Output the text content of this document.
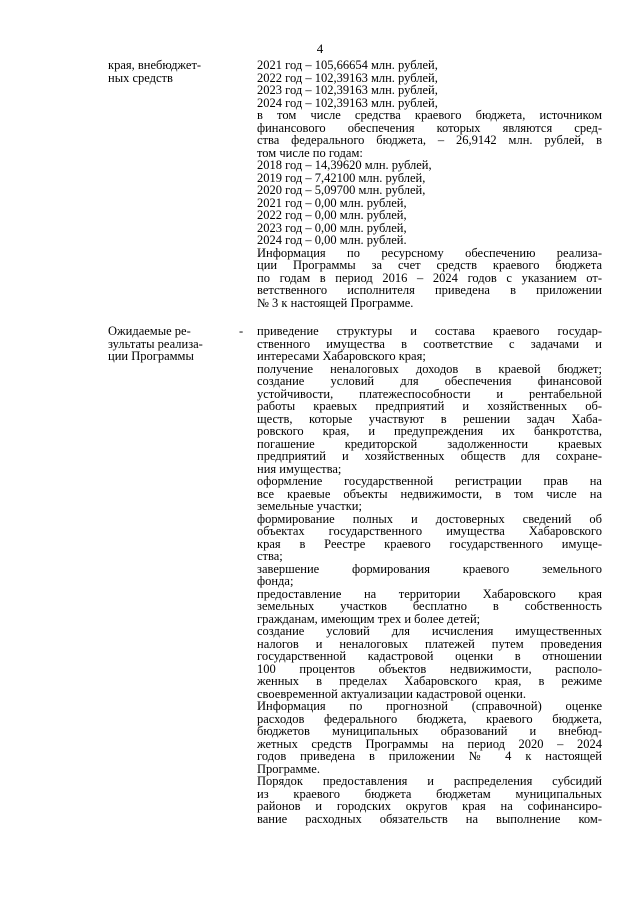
4
края, внебюджет-
ных средств
2021 год – 105,66654 млн. рублей,
2022 год – 102,39163 млн. рублей,
2023 год – 102,39163 млн. рублей,
2024 год – 102,39163 млн. рублей,
в том числе средства краевого бюджета, источником
финансового обеспечения которых являются сред-
ства федерального бюджета, – 26,9142 млн. рублей, в
том числе по годам:
2018 год – 14,39620 млн. рублей,
2019 год – 7,42100 млн. рублей,
2020 год – 5,09700 млн. рублей,
2021 год – 0,00 млн. рублей,
2022 год – 0,00 млн. рублей,
2023 год – 0,00 млн. рублей,
2024 год – 0,00 млн. рублей.
Информация по ресурсному обеспечению реализа-
ции Программы за счет средств краевого бюджета
по годам в период 2016 – 2024 годов с указанием от-
ветственного исполнителя приведена в приложении
№ 3 к настоящей Программе.
Ожидаемые ре-
зультаты реализа-
ции Программы
- приведение структуры и состава краевого государ-
ственного имущества в соответствие с задачами и
интересами Хабаровского края;
получение неналоговых доходов в краевой бюджет;
создание условий для обеспечения финансовой
устойчивости, платежеспособности и рентабельной
работы краевых предприятий и хозяйственных об-
ществ, которые участвуют в решении задач Хаба-
ровского края, и предупреждения их банкротства,
погашение кредиторской задолженности краевых
предприятий и хозяйственных обществ для сохране-
ния имущества;
оформление государственной регистрации прав на
все краевые объекты недвижимости, в том числе на
земельные участки;
формирование полных и достоверных сведений об
объектах государственного имущества Хабаровского
края в Реестре краевого государственного имуще-
ства;
завершение формирования краевого земельного
фонда;
предоставление на территории Хабаровского края
земельных участков бесплатно в собственность
гражданам, имеющим трех и более детей;
создание условий для исчисления имущественных
налогов и неналоговых платежей путем проведения
государственной кадастровой оценки в отношении
100 процентов объектов недвижимости, располо-
женных в пределах Хабаровского края, в режиме
своевременной актуализации кадастровой оценки.
Информация по прогнозной (справочной) оценке
расходов федерального бюджета, краевого бюджета,
бюджетов муниципальных образований и внебюд-
жетных средств Программы на период 2020 – 2024
годов приведена в приложении № 4 к настоящей
Программе.
Порядок предоставления и распределения субсидий
из краевого бюджета бюджетам муниципальных
районов и городских округов края на софинансиро-
вание расходных обязательств на выполнение ком-
